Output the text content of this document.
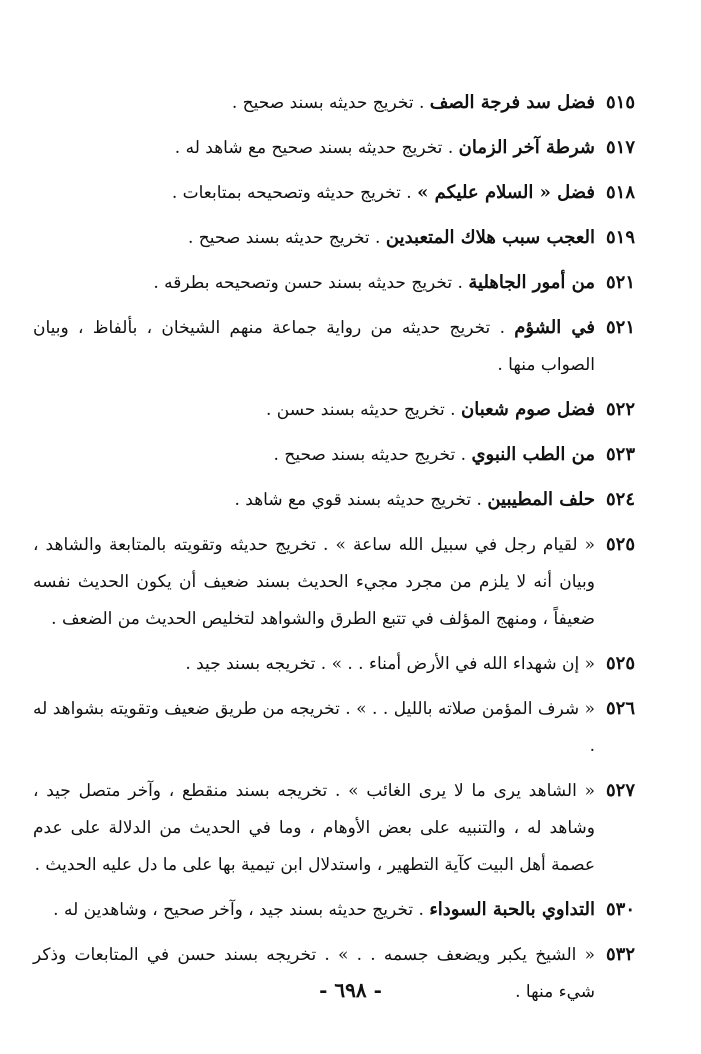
٥١٥
فضل سد فرجة الصف . تخريج حديثه بسند صحيح .
٥١٧
شرطة آخر الزمان . تخريج حديثه بسند صحيح مع شاهد له .
٥١٨
فضل « السلام عليكم » . تخريج حديثه وتصحيحه بمتابعات .
٥١٩
العجب سبب هلاك المتعبدين . تخريج حديثه بسند صحيح .
٥٢١
من أمور الجاهلية . تخريج حديثه بسند حسن وتصحيحه بطرقه .
٥٢١
في الشؤم . تخريج حديثه من رواية جماعة منهم الشيخان ، بألفاظ ، وبيان الصواب منها .
٥٢٢
فضل صوم شعبان . تخريج حديثه بسند حسن .
٥٢٣
من الطب النبوي . تخريج حديثه بسند صحيح .
٥٢٤
حلف المطيبين . تخريج حديثه بسند قوي مع شاهد .
٥٢٥
« لقيام رجل في سبيل الله ساعة » . تخريج حديثه وتقويته بالمتابعة والشاهد ، وبيان أنه لا يلزم من مجرد مجيء الحديث بسند ضعيف أن يكون الحديث نفسه ضعيفاً ، ومنهج المؤلف في تتبع الطرق والشواهد لتخليص الحديث من الضعف .
٥٢٥
« إن شهداء الله في الأرض أمناء . . » . تخريجه بسند جيد .
٥٢٦
« شرف المؤمن صلاته بالليل . . » . تخريجه من طريق ضعيف وتقويته بشواهد له .
٥٢٧
« الشاهد يرى ما لا يرى الغائب » . تخريجه بسند منقطع ، وآخر متصل جيد ، وشاهد له ، والتنبيه على بعض الأوهام ، وما في الحديث من الدلالة على عدم عصمة أهل البيت كآية التطهير ، واستدلال ابن تيمية بها على ما دل عليه الحديث .
٥٣٠
التداوي بالحبة السوداء . تخريج حديثه بسند جيد ، وآخر صحيح ، وشاهدين له .
٥٣٢
« الشيخ يكبر ويضعف جسمه . . » . تخريجه بسند حسن في المتابعات وذكر شيء منها .
- ٦٩٨ -
